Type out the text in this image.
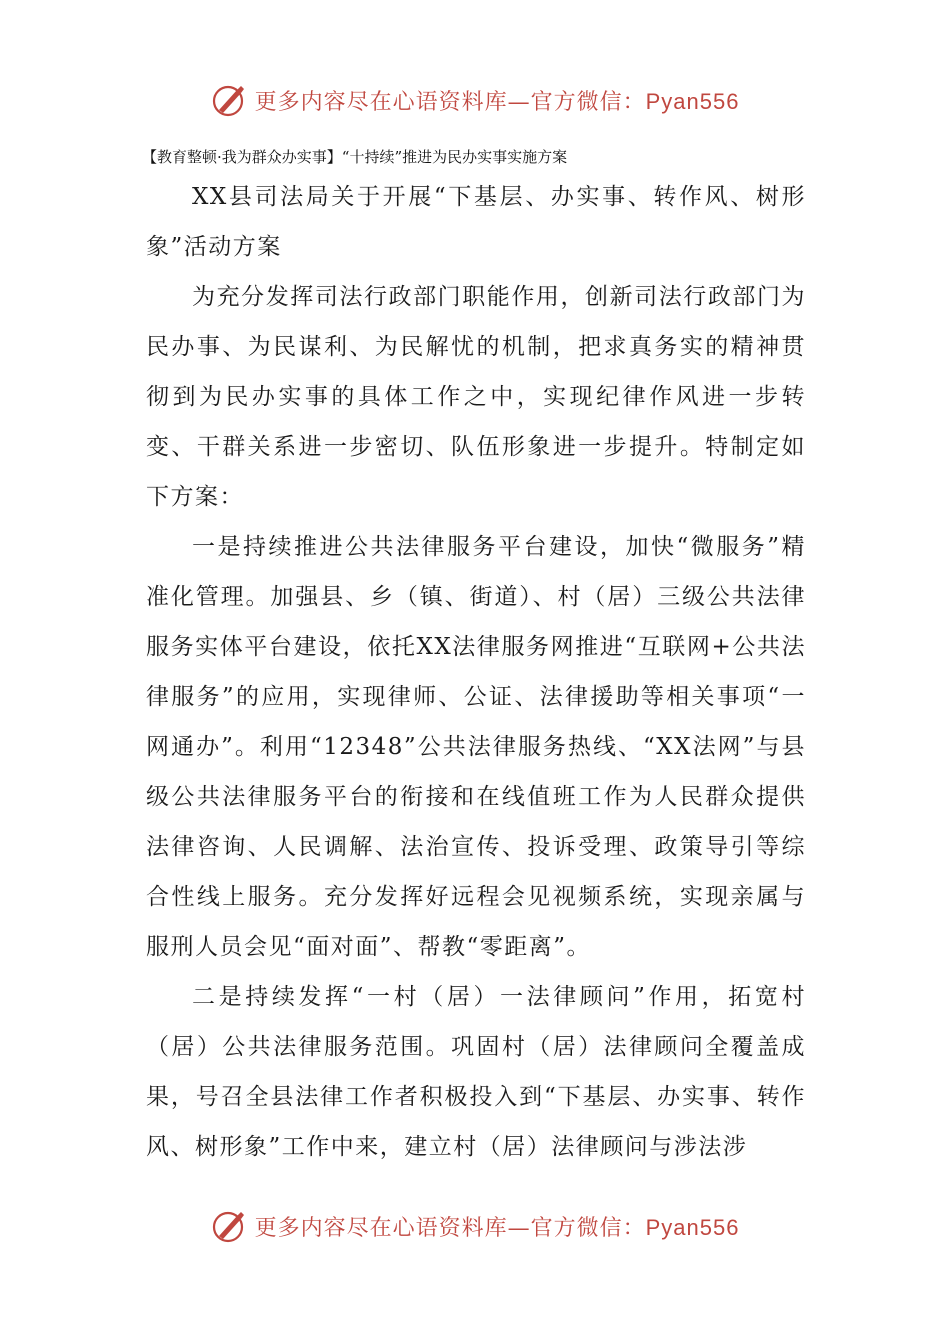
更多内容尽在心语资料库—官方微信：Pyan556
【教育整顿·我为群众办实事】“十持续”推进为民办实事实施方案

XX县司法局关于开展“下基层、办实事、转作风、树形象”活动方案

为充分发挥司法行政部门职能作用，创新司法行政部门为民办事、为民谋利、为民解忧的机制，把求真务实的精神贯彻到为民办实事的具体工作之中，实现纪律作风进一步转变、干群关系进一步密切、队伍形象进一步提升。特制定如下方案：

一是持续推进公共法律服务平台建设，加快“微服务”精准化管理。加强县、乡（镇、街道）、村（居）三级公共法律服务实体平台建设，依托XX法律服务网推进“互联网+公共法律服务”的应用，实现律师、公证、法律援助等相关事项“一网通办”。利用“12348”公共法律服务热线、“XX法网”与县级公共法律服务平台的衔接和在线值班工作为人民群众提供法律咨询、人民调解、法治宣传、投诉受理、政策导引等综合性线上服务。充分发挥好远程会见视频系统，实现亲属与服刑人员会见“面对面”、帮教“零距离”。

二是持续发挥“一村（居）一法律顾问”作用，拓宽村（居）公共法律服务范围。巩固村（居）法律顾问全覆盖成果，号召全县法律工作者积极投入到“下基层、办实事、转作风、树形象”工作中来，建立村（居）法律顾问与涉法涉

更多内容尽在心语资料库—官方微信：Pyan556
